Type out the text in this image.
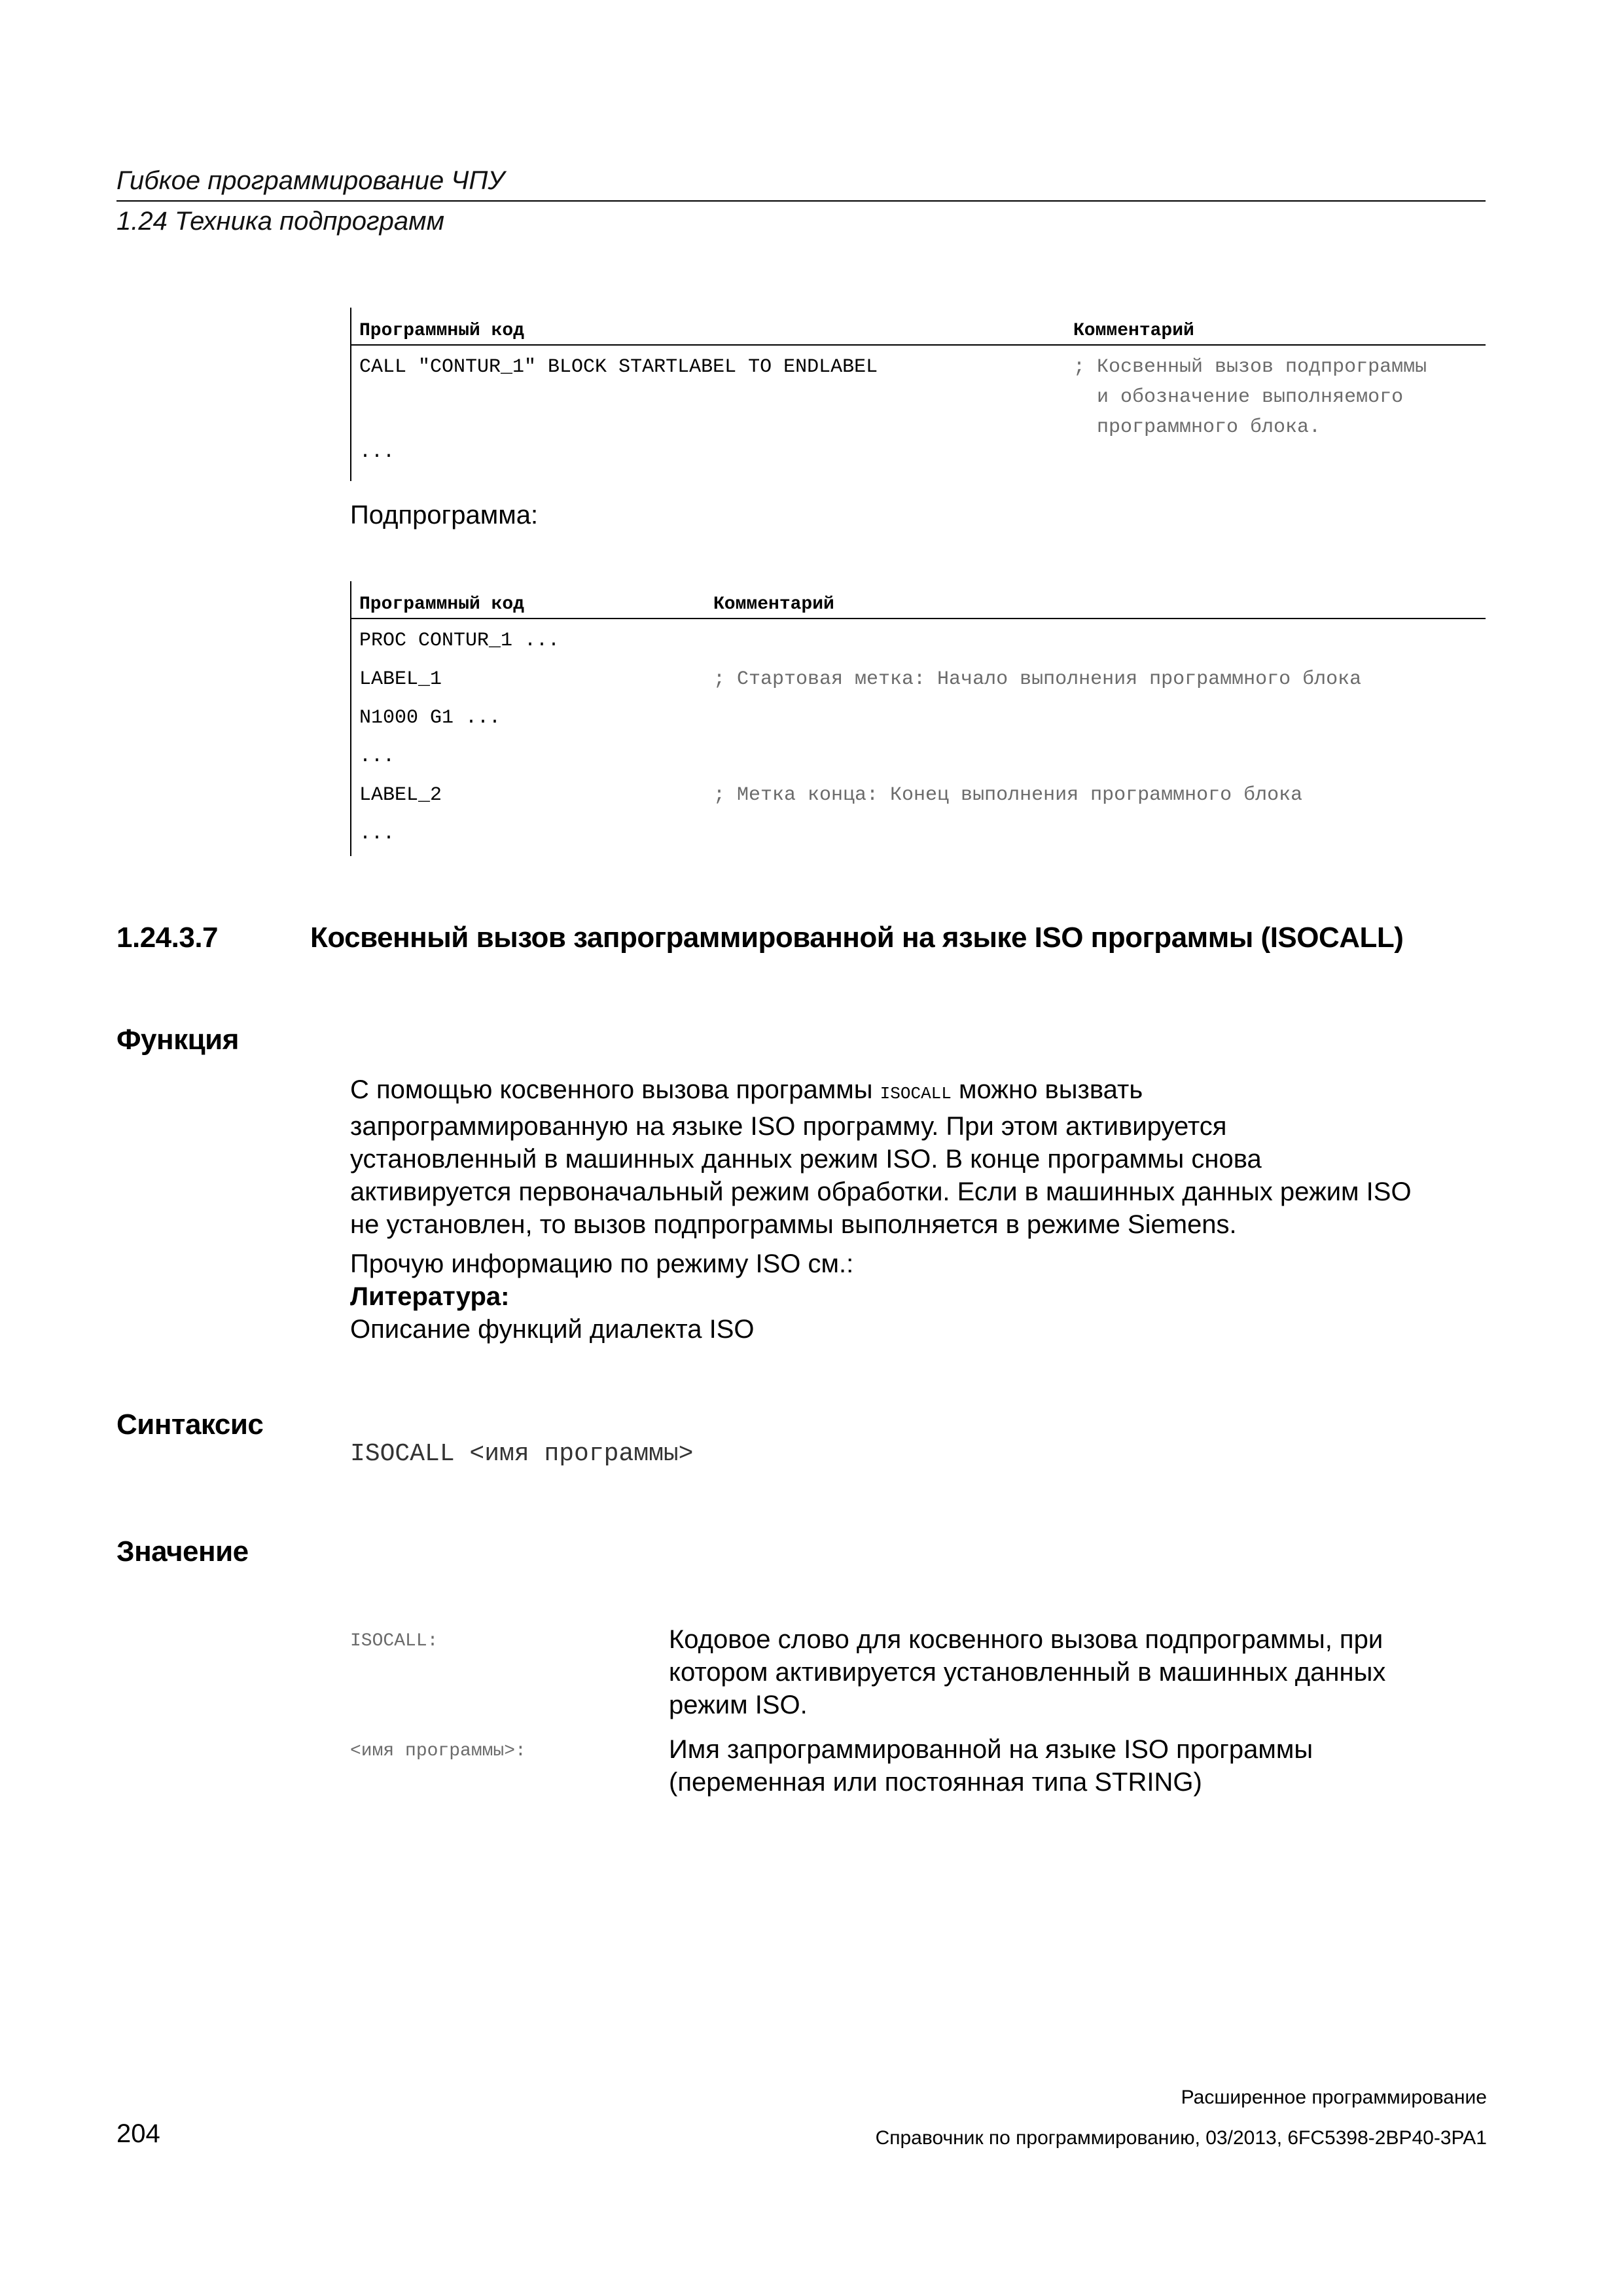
Гибкое программирование ЧПУ
1.24 Техника подпрограмм
Программный код	Комментарий
CALL "CONTUR_1" BLOCK STARTLABEL TO ENDLABEL	; Косвенный вызов подпрограммы
и обозначение выполняемого
программного блока.
...
Подпрограмма:
Программный код	Комментарий
PROC CONTUR_1 ...
LABEL_1	; Стартовая метка: Начало выполнения программного блока
N1000 G1 ...
...
LABEL_2	; Метка конца: Конец выполнения программного блока
...
1.24.3.7	Косвенный вызов запрограммированной на языке ISO программы (ISOCALL)
Функция
С помощью косвенного вызова программы ISOCALL можно вызвать
запрограммированную на языке ISO программу. При этом активируется
установленный в машинных данных режим ISO. В конце программы снова
активируется первоначальный режим обработки. Если в машинных данных режим ISO
не установлен, то вызов подпрограммы выполняется в режиме Siemens.
Прочую информацию по режиму ISO см.:
Литература:
Описание функций диалекта ISO
Синтаксис
ISOCALL <имя программы>
Значение
ISOCALL:	Кодовое слово для косвенного вызова подпрограммы, при
котором активируется установленный в машинных данных
режим ISO.
<имя программы>:	Имя запрограммированной на языке ISO программы
(переменная или постоянная типа STRING)
Расширенное программирование
Справочник по программированию, 03/2013, 6FC5398-2BP40-3PA1
204
